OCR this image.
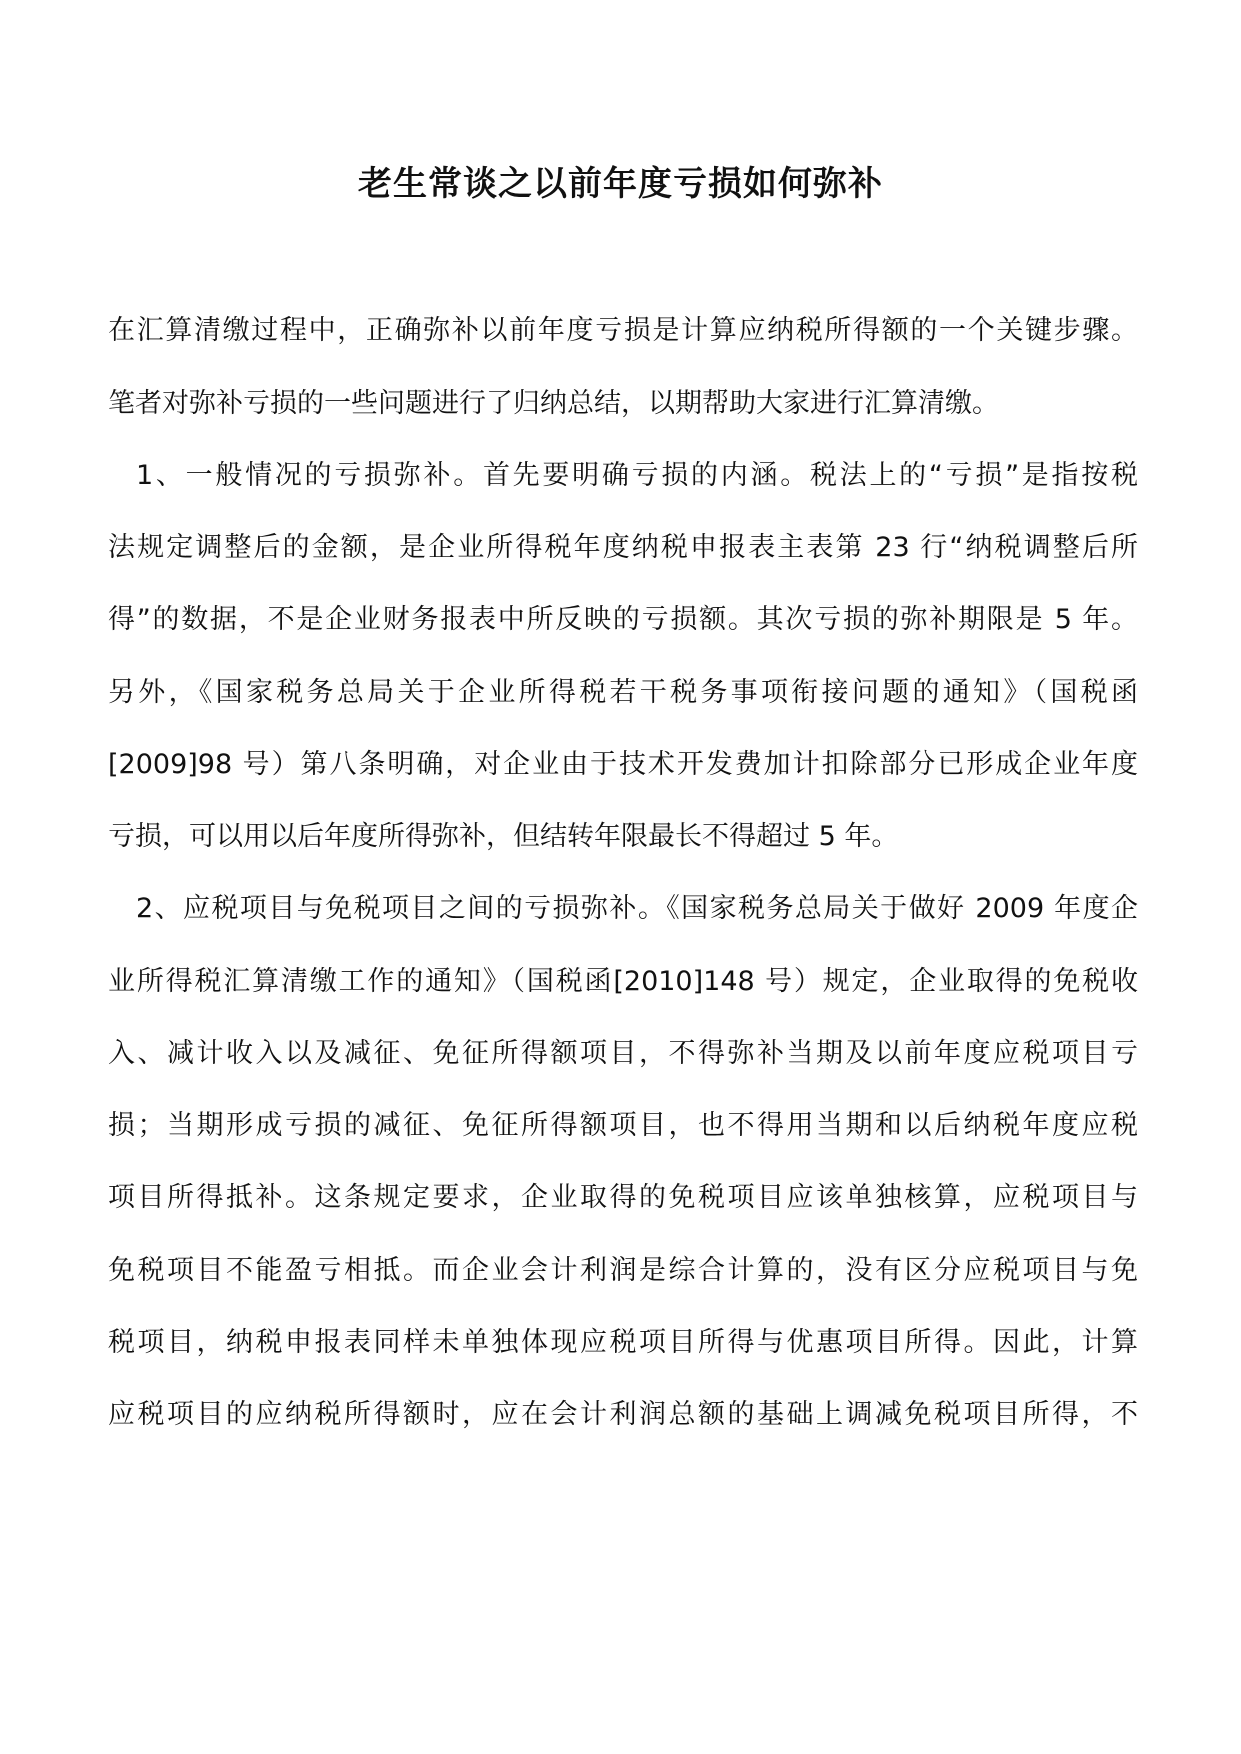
老生常谈之以前年度亏损如何弥补

在汇算清缴过程中，正确弥补以前年度亏损是计算应纳税所得额的一个关键步骤。

笔者对弥补亏损的一些问题进行了归纳总结，以期帮助大家进行汇算清缴。

1、一般情况的亏损弥补。首先要明确亏损的内涵。税法上的“亏损”是指按税

法规定调整后的金额，是企业所得税年度纳税申报表主表第 23 行“纳税调整后所

得”的数据，不是企业财务报表中所反映的亏损额。其次亏损的弥补期限是 5 年。

另外，《国家税务总局关于企业所得税若干税务事项衔接问题的通知》（国税函

[2009]98 号）第八条明确，对企业由于技术开发费加计扣除部分已形成企业年度

亏损，可以用以后年度所得弥补，但结转年限最长不得超过 5 年。

2、应税项目与免税项目之间的亏损弥补。《国家税务总局关于做好 2009 年度企

业所得税汇算清缴工作的通知》（国税函[2010]148 号）规定，企业取得的免税收

入、减计收入以及减征、免征所得额项目，不得弥补当期及以前年度应税项目亏

损；当期形成亏损的减征、免征所得额项目，也不得用当期和以后纳税年度应税

项目所得抵补。这条规定要求，企业取得的免税项目应该单独核算，应税项目与

免税项目不能盈亏相抵。而企业会计利润是综合计算的，没有区分应税项目与免

税项目，纳税申报表同样未单独体现应税项目所得与优惠项目所得。因此，计算

应税项目的应纳税所得额时，应在会计利润总额的基础上调减免税项目所得，不
